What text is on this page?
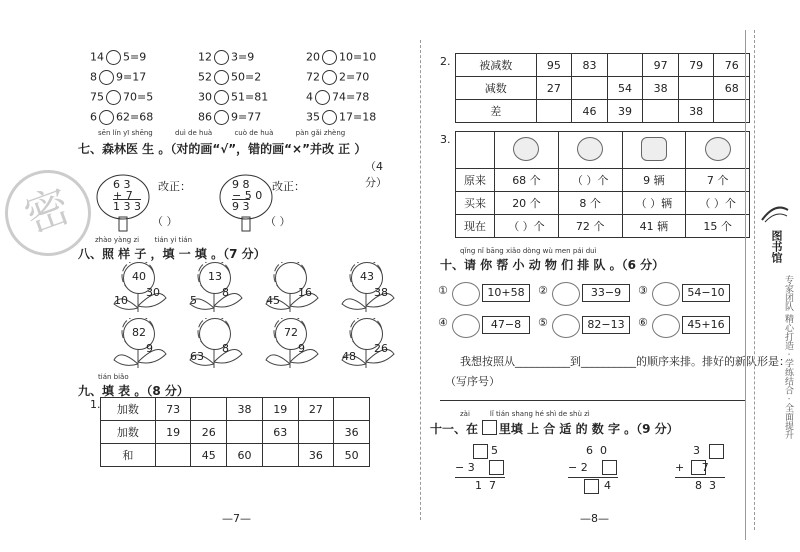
14 5=9	12 3=9	20 10=10
8 9=17	52 50=2	72 2=70
75 70=5	30 51=81	4 74=78
6 62=68	86 9=77	35 17=18
sēn lín yī shēng          duì de huà          cuò de huà          pàn gǎi zhèng
七、森林医 生 。（对的画“√”，错的画“×”并改 正 ）
（4 分）
6 3
+ 7
1 3 3
改正：
（ ）
9 8
− 5 0
9 3
改正：
（ ）
密	zhào yàng zi       tián yi tián
八、照 样 子 ，填 一 填 。（7 分）
40
10
30
13
5
8
45
16
43
38
82
9
63
8
72
9
48
26
tián biǎo
九、填 表 。（8 分）
1. 加数	73		38	19	27	
加数	19	26		63		36
和		45	60		36	50
—7—
2.	被减数	95	83		97	79	76
减数	27		54	38		68
差		46	39		38	
3.

原来	68 个	（ ）个	9 辆	7 个
买来	20 个	8 个	（ ）辆	（ ）个
现在	（ ）个	72 个	41 辆	15 个
qǐng nǐ bāng xiǎo dòng wù men pái duì
十、请 你 帮 小 动 物 们 排 队 。（6 分）
①	10+58	②	33−9	③	54−10
④	47−8	⑤	82−13	⑥	45+16
我想按照从__________到__________的顺序来排。排好的新队形是：
（写序号）
zài         lǐ tián shang hé shì de shù zì
十一、在     里填 上 合 适 的 数 字 。（9 分）
5
− 3
1  7
6  0
− 2
4
3
+     7
8  3
—8—
图书馆
专家团队 精心打造 · 学练结合 · 全面提升
